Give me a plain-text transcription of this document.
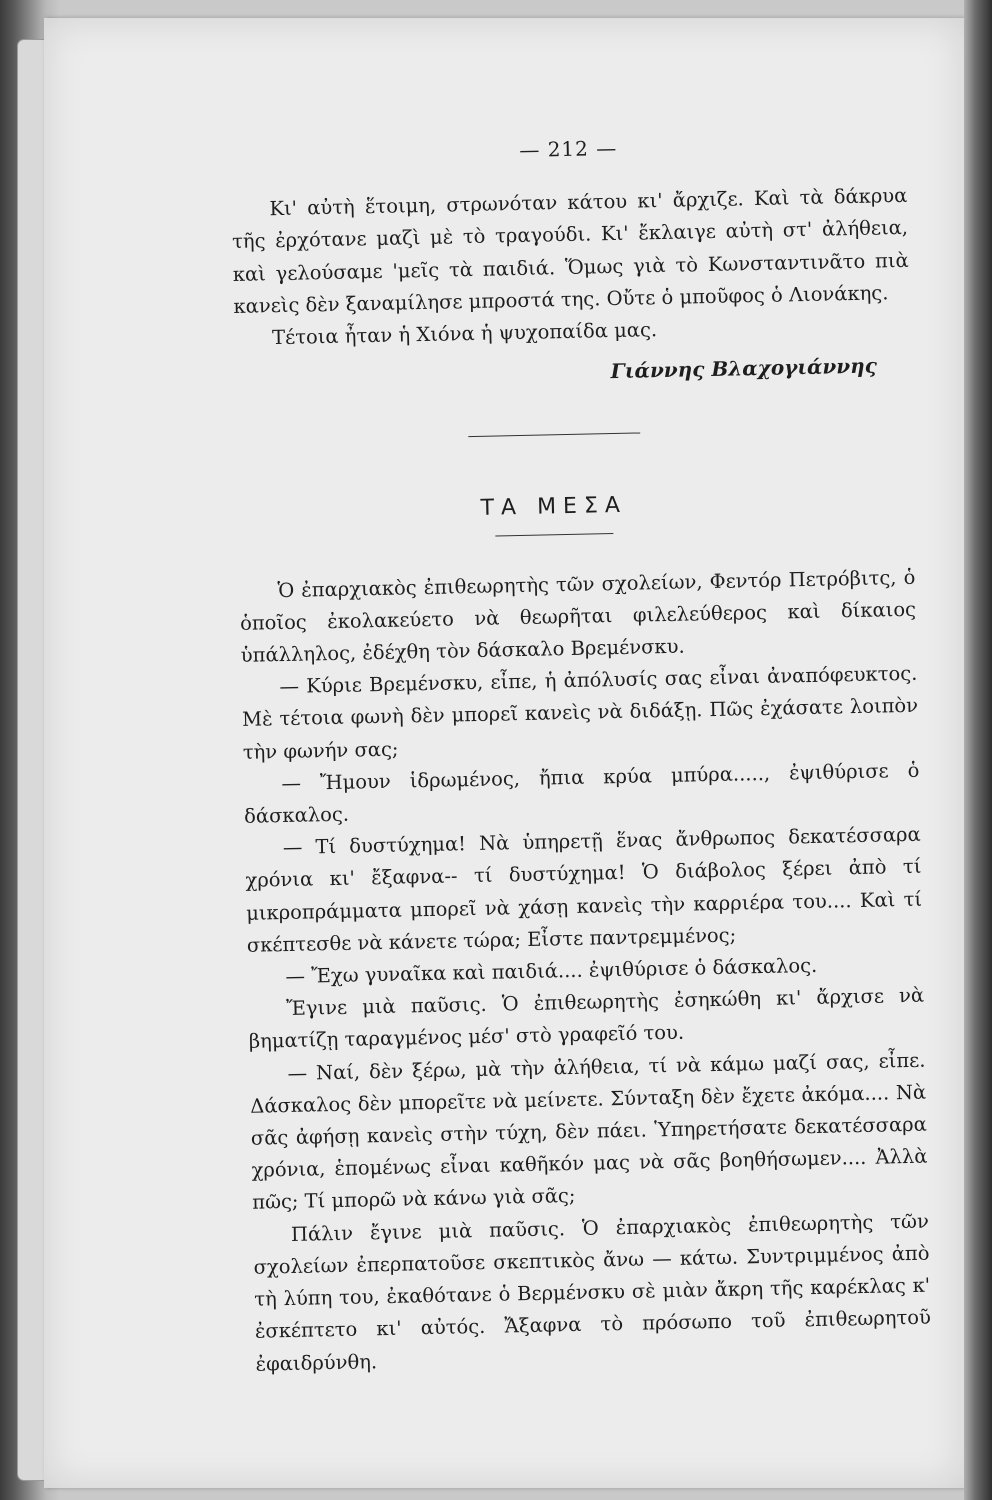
— 212 —

Κι' αὐτὴ ἕτοιμη, στρωνόταν κάτου κι' ἄρχιζε. Καὶ τὰ δάκρυα τῆς ἐρχότανε μαζὶ μὲ τὸ τραγούδι. Κι' ἔκλαιγε αὐτὴ στ' ἀλήθεια, καὶ γελούσαμε 'μεῖς τὰ παιδιά. Ὅμως γιὰ τὸ Κωνσταντινᾶτο πιὰ κανεὶς δὲν ξαναμίλησε μπροστά της. Οὔτε ὁ μποῦφος ὁ Λιονάκης.

Τέτοια ἦταν ἡ Χιόνα ἡ ψυχοπαίδα μας.

Γιάννης Βλαχογιάννης
ΤΑ ΜΕΣΑ

Ὁ ἐπαρχιακὸς ἐπιθεωρητὴς τῶν σχολείων, Φεντόρ Πετρόβιτς, ὁ ὁποῖος ἐκολακεύετο νὰ θεωρῆται φιλελεύθερος καὶ δίκαιος ὑπάλληλος, ἐδέχθη τὸν δάσκαλο Βρεμένσκυ.

— Κύριε Βρεμένσκυ, εἶπε, ἡ ἀπόλυσίς σας εἶναι ἀναπόφευκτος. Μὲ τέτοια φωνὴ δὲν μπορεῖ κανεὶς νὰ διδάξῃ. Πῶς ἐχάσατε λοιπὸν τὴν φωνήν σας;

— Ἤμουν ἱδρωμένος, ἤπια κρύα μπύρα....., ἐψιθύρισε ὁ δάσκαλος.

— Τί δυστύχημα! Νὰ ὑπηρετῇ ἕνας ἄνθρωπος δεκατέσσαρα χρόνια κι' ἔξαφνα-- τί δυστύχημα! Ὁ διάβολος ξέρει ἀπὸ τί μικροπράμματα μπορεῖ νὰ χάσῃ κανεὶς τὴν καρριέρα του.... Καὶ τί σκέπτεσθε νὰ κάνετε τώρα; Εἶστε παντρεμμένος;

— Ἔχω γυναῖκα καὶ παιδιά.... ἐψιθύρισε ὁ δάσκαλος.

Ἔγινε μιὰ παῦσις. Ὁ ἐπιθεωρητὴς ἐσηκώθη κι' ἄρχισε νὰ βηματίζῃ ταραγμένος μέσ' στὸ γραφεῖό του.

— Ναί, δὲν ξέρω, μὰ τὴν ἀλήθεια, τί νὰ κάμω μαζί σας, εἶπε. Δάσκαλος δὲν μπορεῖτε νὰ μείνετε. Σύνταξη δὲν ἔχετε ἀκόμα.... Νὰ σᾶς ἀφήσῃ κανεὶς στὴν τύχη, δὲν πάει. Ὑπηρετήσατε δεκατέσσαρα χρόνια, ἑπομένως εἶναι καθῆκόν μας νὰ σᾶς βοηθήσωμεν.... Ἀλλὰ πῶς; Τί μπορῶ νὰ κάνω γιὰ σᾶς;

Πάλιν ἔγινε μιὰ παῦσις. Ὁ ἐπαρχιακὸς ἐπιθεωρητὴς τῶν σχολείων ἐπερπατοῦσε σκεπτικὸς ἄνω — κάτω. Συντριμμένος ἀπὸ τὴ λύπη του, ἐκαθότανε ὁ Βερμένσκυ σὲ μιὰν ἄκρη τῆς καρέκλας κ' ἐσκέπτετο κι' αὐτός. Ἄξαφνα τὸ πρόσωπο τοῦ ἐπιθεωρητοῦ ἐφαιδρύνθη.
